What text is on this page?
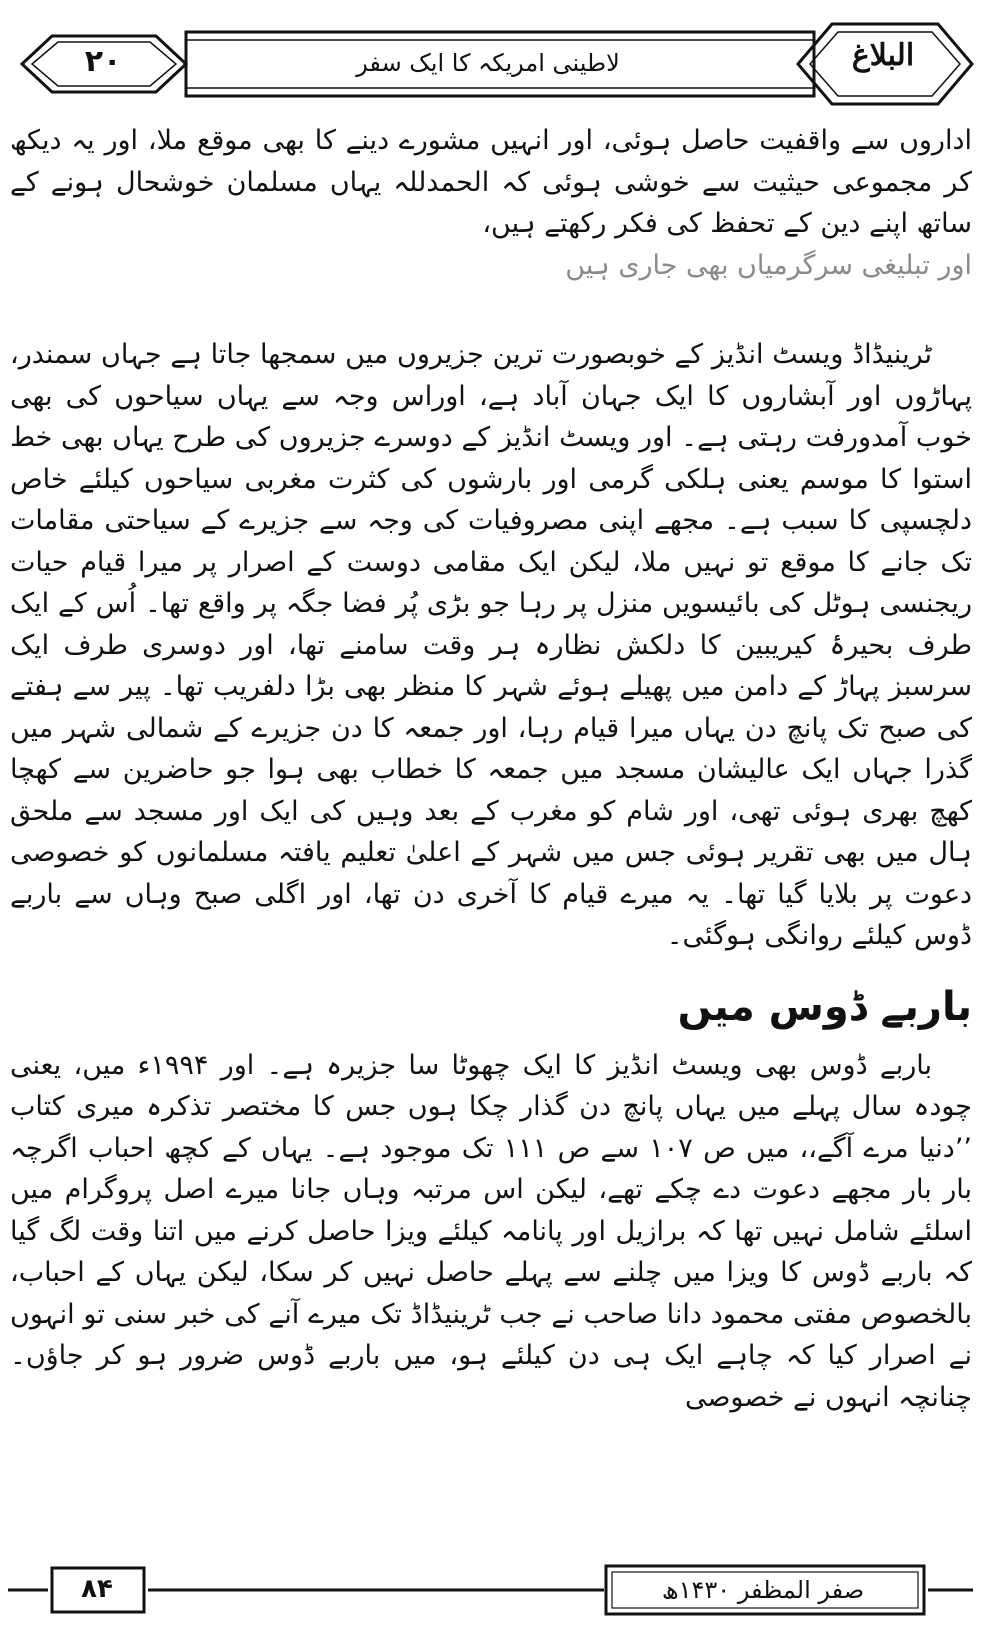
۲۰	لاطینی امریکہ کا ایک سفر	البلاغ

اداروں سے واقفیت حاصل ہوئی، اور انہیں مشورے دینے کا بھی موقع ملا، اور یہ دیکھ کر مجموعی حیثیت سے خوشی ہوئی کہ الحمدللہ یہاں مسلمان خوشحال ہونے کے ساتھ اپنے دین کے تحفظ کی فکر رکھتے ہیں،

اور تبلیغی سرگرمیاں بھی جاری ہیں

ٹرینیڈاڈ ویسٹ انڈیز کے خوبصورت ترین جزیروں میں سمجھا جاتا ہے جہاں سمندر، پہاڑوں اور آبشاروں کا ایک جہان آباد ہے، اوراس وجہ سے یہاں سیاحوں کی بھی خوب آمدورفت رہتی ہے۔ اور ویسٹ انڈیز کے دوسرے جزیروں کی طرح یہاں بھی خط استوا کا موسم یعنی ہلکی گرمی اور بارشوں کی کثرت مغربی سیاحوں کیلئے خاص دلچسپی کا سبب ہے۔ مجھے اپنی مصروفیات کی وجہ سے جزیرے کے سیاحتی مقامات تک جانے کا موقع تو نہیں ملا، لیکن ایک مقامی دوست کے اصرار پر میرا قیام حیات ریجنسی ہوٹل کی بائیسویں منزل پر رہا جو بڑی پُر فضا جگہ پر واقع تھا۔ اُس کے ایک طرف بحیرۂ کیریبین کا دلکش نظارہ ہر وقت سامنے تھا، اور دوسری طرف ایک سرسبز پہاڑ کے دامن میں پھیلے ہوئے شہر کا منظر بھی بڑا دلفریب تھا۔ پیر سے ہفتے کی صبح تک پانچ دن یہاں میرا قیام رہا، اور جمعہ کا دن جزیرے کے شمالی شہر میں گذرا جہاں ایک عالیشان مسجد میں جمعہ کا خطاب بھی ہوا جو حاضرین سے کھچا کھچ بھری ہوئی تھی، اور شام کو مغرب کے بعد وہیں کی ایک اور مسجد سے ملحق ہال میں بھی تقریر ہوئی جس میں شہر کے اعلیٰ تعلیم یافتہ مسلمانوں کو خصوصی دعوت پر بلایا گیا تھا۔ یہ میرے قیام کا آخری دن تھا، اور اگلی صبح وہاں سے باربے ڈوس کیلئے روانگی ہوگئی۔

باربے ڈوس میں

باربے ڈوس بھی ویسٹ انڈیز کا ایک چھوٹا سا جزیرہ ہے۔ اور ۱۹۹۴ء میں، یعنی چودہ سال پہلے میں یہاں پانچ دن گذار چکا ہوں جس کا مختصر تذکرہ میری کتاب ’’دنیا مرے آگے،، میں ص ۱۰۷ سے ص ۱۱۱ تک موجود ہے۔ یہاں کے کچھ احباب اگرچہ بار بار مجھے دعوت دے چکے تھے، لیکن اس مرتبہ وہاں جانا میرے اصل پروگرام میں اسلئے شامل نہیں تھا کہ برازیل اور پانامہ کیلئے ویزا حاصل کرنے میں اتنا وقت لگ گیا کہ باربے ڈوس کا ویزا میں چلنے سے پہلے حاصل نہیں کر سکا، لیکن یہاں کے احباب، بالخصوص مفتی محمود دانا صاحب نے جب ٹرینیڈاڈ تک میرے آنے کی خبر سنی تو انہوں نے اصرار کیا کہ چاہے ایک ہی دن کیلئے ہو، میں باربے ڈوس ضرور ہو کر جاؤں۔ چنانچہ انہوں نے خصوصی

۸۴	صفر المظفر ۱۴۳۰ھ
